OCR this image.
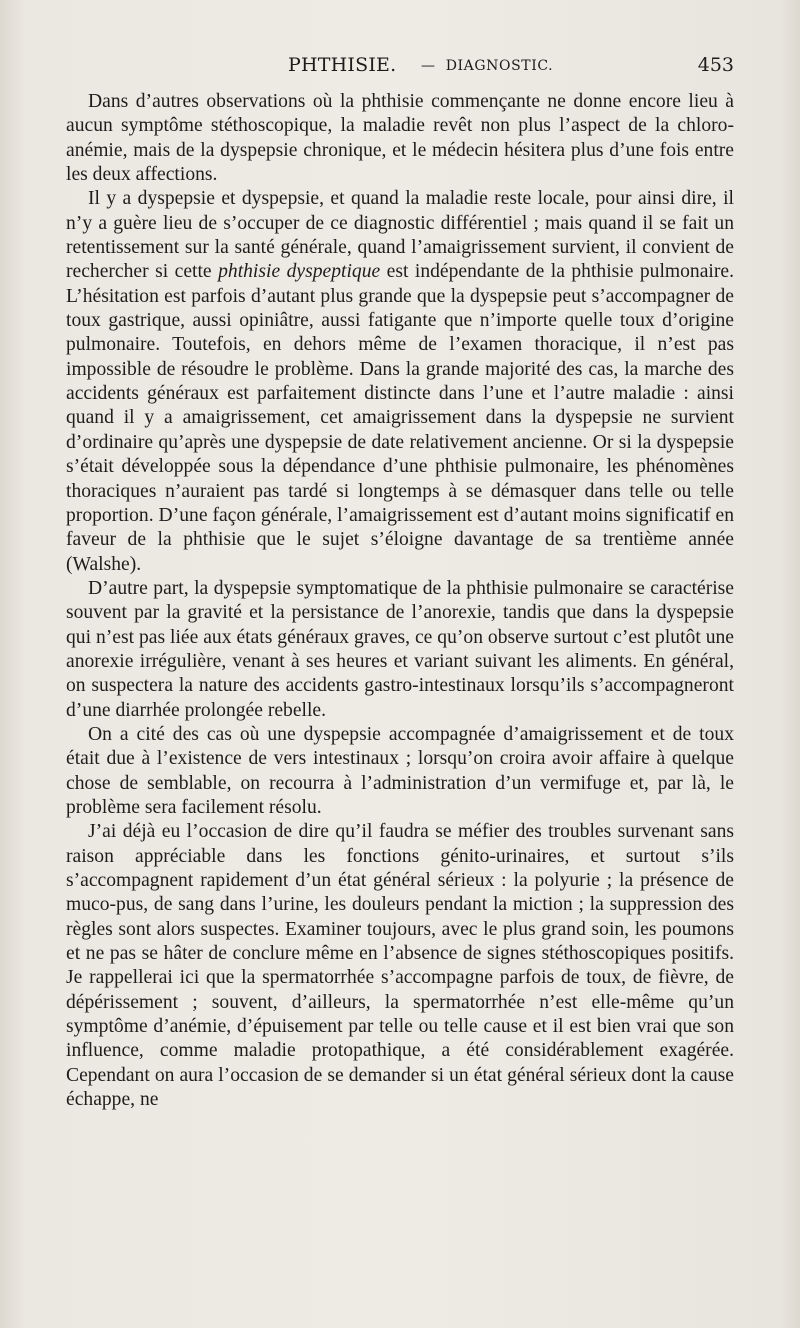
PHTHISIE. — DIAGNOSTIC.	453

Dans d’autres observations où la phthisie commençante ne donne encore lieu à aucun symptôme stéthoscopique, la maladie revêt non plus l’aspect de la chloro-anémie, mais de la dyspepsie chronique, et le médecin hésitera plus d’une fois entre les deux affections.

Il y a dyspepsie et dyspepsie, et quand la maladie reste locale, pour ainsi dire, il n’y a guère lieu de s’occuper de ce diagnostic différentiel ; mais quand il se fait un retentissement sur la santé générale, quand l’amaigrissement survient, il convient de rechercher si cette phthisie dyspeptique est indépendante de la phthisie pulmonaire. L’hésitation est parfois d’autant plus grande que la dyspepsie peut s’accompagner de toux gastrique, aussi opiniâtre, aussi fatigante que n’importe quelle toux d’origine pulmonaire. Toutefois, en dehors même de l’examen thoracique, il n’est pas impossible de résoudre le problème. Dans la grande majorité des cas, la marche des accidents généraux est parfaitement distincte dans l’une et l’autre maladie : ainsi quand il y a amaigrissement, cet amaigrissement dans la dyspepsie ne survient d’ordinaire qu’après une dyspepsie de date relativement ancienne. Or si la dyspepsie s’était développée sous la dépendance d’une phthisie pulmonaire, les phénomènes thoraciques n’auraient pas tardé si longtemps à se démasquer dans telle ou telle proportion. D’une façon générale, l’amaigrissement est d’autant moins significatif en faveur de la phthisie que le sujet s’éloigne davantage de sa trentième année (Walshe).

D’autre part, la dyspepsie symptomatique de la phthisie pulmonaire se caractérise souvent par la gravité et la persistance de l’anorexie, tandis que dans la dyspepsie qui n’est pas liée aux états généraux graves, ce qu’on observe surtout c’est plutôt une anorexie irrégulière, venant à ses heures et variant suivant les aliments. En général, on suspectera la nature des accidents gastro-intestinaux lorsqu’ils s’accompagneront d’une diarrhée prolongée rebelle.

On a cité des cas où une dyspepsie accompagnée d’amaigrissement et de toux était due à l’existence de vers intestinaux ; lorsqu’on croira avoir affaire à quelque chose de semblable, on recourra à l’administration d’un vermifuge et, par là, le problème sera facilement résolu.

J’ai déjà eu l’occasion de dire qu’il faudra se méfier des troubles survenant sans raison appréciable dans les fonctions génito-urinaires, et surtout s’ils s’accompagnent rapidement d’un état général sérieux : la polyurie ; la présence de muco-pus, de sang dans l’urine, les douleurs pendant la miction ; la suppression des règles sont alors suspectes. Examiner toujours, avec le plus grand soin, les poumons et ne pas se hâter de conclure même en l’absence de signes stéthoscopiques positifs. Je rappellerai ici que la spermatorrhée s’accompagne parfois de toux, de fièvre, de dépérissement ; souvent, d’ailleurs, la spermatorrhée n’est elle-même qu’un symptôme d’anémie, d’épuisement par telle ou telle cause et il est bien vrai que son influence, comme maladie protopathique, a été considérablement exagérée. Cependant on aura l’occasion de se demander si un état général sérieux dont la cause échappe, ne
